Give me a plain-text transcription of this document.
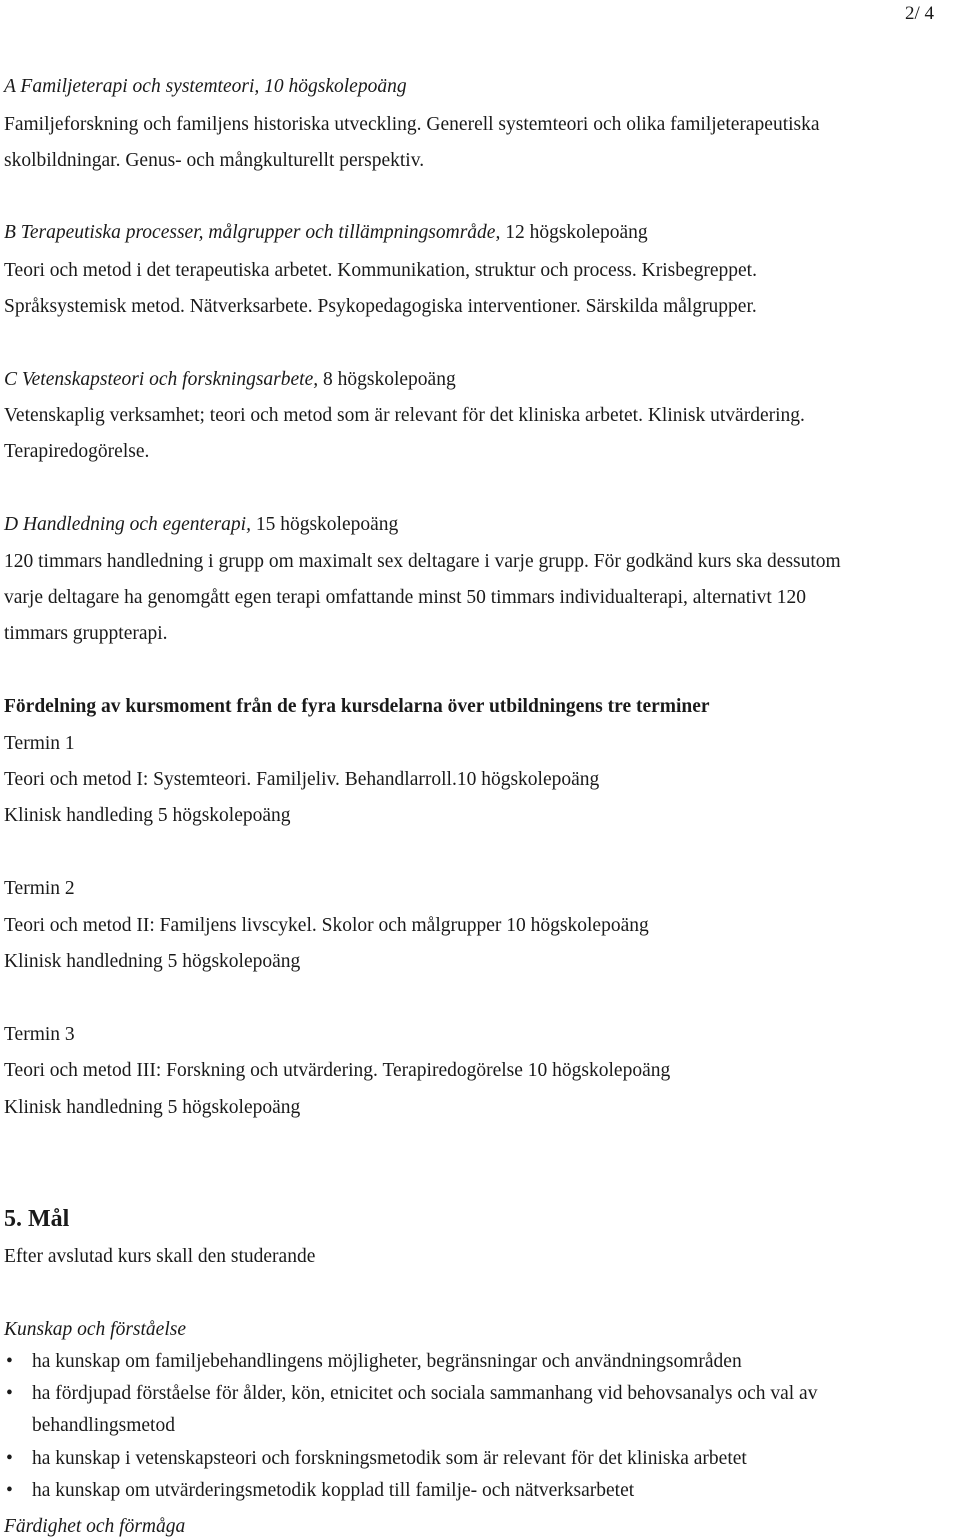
2/ 4
A Familjeterapi och systemteori, 10 högskolepoäng
Familjeforskning och familjens historiska utveckling. Generell systemteori och olika familjeterapeutiska
skolbildningar. Genus- och mångkulturellt perspektiv.
B Terapeutiska processer, målgrupper och tillämpningsområde, 12 högskolepoäng
Teori och metod i det terapeutiska arbetet. Kommunikation, struktur och process. Krisbegreppet.
Språksystemisk metod. Nätverksarbete. Psykopedagogiska interventioner. Särskilda målgrupper.
C Vetenskapsteori och forskningsarbete, 8 högskolepoäng
Vetenskaplig verksamhet; teori och metod som är relevant för det kliniska arbetet. Klinisk utvärdering.
Terapiredogörelse.
D Handledning och egenterapi, 15 högskolepoäng
120 timmars handledning i grupp om maximalt sex deltagare i varje grupp. För godkänd kurs ska dessutom
varje deltagare ha genomgått egen terapi omfattande minst 50 timmars individualterapi, alternativt 120
timmars gruppterapi.
Fördelning av kursmoment från de fyra kursdelarna över utbildningens tre terminer
Termin 1
Teori och metod I: Systemteori. Familjeliv. Behandlarroll.10 högskolepoäng
Klinisk handleding 5 högskolepoäng
Termin 2
Teori och metod II: Familjens livscykel. Skolor och målgrupper 10 högskolepoäng
Klinisk handledning 5 högskolepoäng
Termin 3
Teori och metod III: Forskning och utvärdering. Terapiredogörelse 10 högskolepoäng
Klinisk handledning 5 högskolepoäng
5. Mål
Efter avslutad kurs skall den studerande
Kunskap och förståelse
• ha kunskap om familjebehandlingens möjligheter, begränsningar och användningsområden
• ha fördjupad förståelse för ålder, kön, etnicitet och sociala sammanhang vid behovsanalys och val av
behandlingsmetod
• ha kunskap i vetenskapsteori och forskningsmetodik som är relevant för det kliniska arbetet
• ha kunskap om utvärderingsmetodik kopplad till familje- och nätverksarbetet
Färdighet och förmåga
